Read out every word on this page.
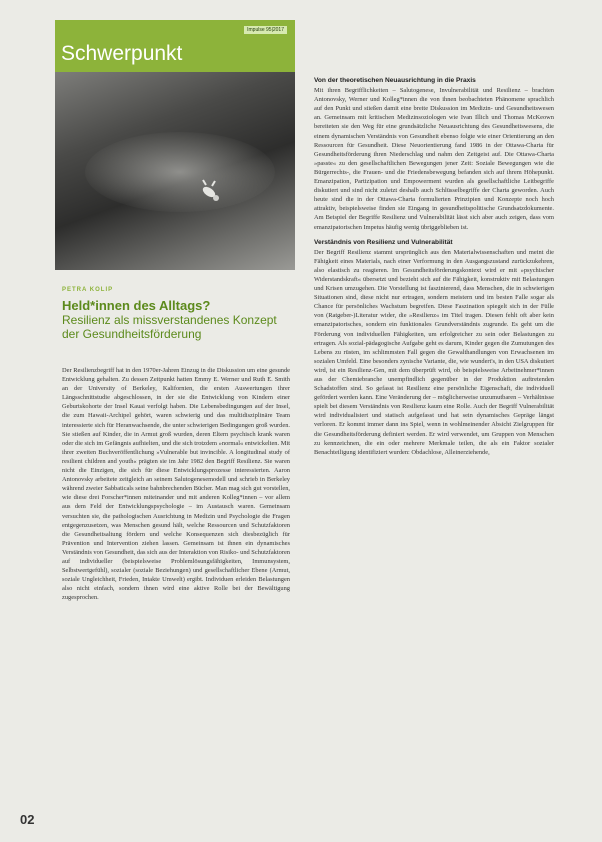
Impulse 95|2017
Schwerpunkt
PETRA KOLIP
Held*innen des Alltags?
Resilienz als missverstandenes Konzept der Gesundheitsförderung

Der Resilienzbegriff hat in den 1970er-Jahren Einzug in die Diskussion um eine gesunde Entwicklung gehalten. Zu dessen Zeitpunkt hatten Emmy E. Werner und Ruth E. Smith an der University of Berkeley, Kalifornien, die ersten Auswertungen ihrer Längsschnittstudie abgeschlossen, in der sie die Entwicklung von Kindern einer Geburtskohorte der Insel Kauai verfolgt haben. Die Lebensbedingungen auf der Insel, die zum Hawaii-Archipel gehört, waren schwierig und das multidisziplinäre Team interessierte sich für Heranwachsende, die unter schwierigen Bedingungen groß wurden. Sie stießen auf Kinder, die in Armut groß wurden, deren Eltern psychisch krank waren oder die sich im Gefängnis aufhielten, und die sich trotzdem »normal« entwickelten. Mit ihrer zweiten Buchveröffentlichung »Vulnerable but invincible. A longitudinal study of resilient children and youth« prägten sie im Jahr 1982 den Begriff Resilienz. Sie waren nicht die Einzigen, die sich für diese Entwicklungsprozesse interessierten. Aaron Antonovsky arbeitete zeitgleich an seinem Salutogenesemodell und schrieb in Berkeley während zweier Sabbaticals seine bahnbrechenden Bücher. Man mag sich gut vorstellen, wie diese drei Forscher*innen miteinander und mit anderen Kolleg*innen – vor allem aus dem Feld der Entwicklungspsychologie – im Austausch waren. Gemeinsam versuchten sie, die pathologischen Ausrichtung in Medizin und Psychologie die Fragen entgegenzusetzen, was Menschen gesund hält, welche Ressourcen und Schutzfaktoren die Gesundheitsaltung fördern und welche Konsequenzen sich diesbezüglich für Prävention und Intervention ziehen lassen. Gemeinsam ist ihnen ein dynamisches Verständnis von Gesundheit, das sich aus der Interaktion von Risiko- und Schutzfaktoren auf individueller (beispielsweise Problemlösungsfähigkeiten, Immunsystem, Selbstwertgefühl), sozialer (soziale Beziehungen) und gesellschaftlicher Ebene (Armut, soziale Ungleichheit, Frieden, Intakte Umwelt) ergibt. Individuen erleiden Belastungen also nicht einfach, sondern ihnen wird eine aktive Rolle bei der Bewältigung zugesprochen.

Von der theoretischen Neuausrichtung in die Praxis

Mit ihren Begrifflichkeiten – Salutogenese, Invulnerabilität und Resilienz – brachten Antonovsky, Werner und Kolleg*innen die von ihnen beobachteten Phänomene sprachlich auf den Punkt und stießen damit eine breite Diskussion im Medizin- und Gesundheitswesen an. Gemeinsam mit kritischen Medizinsoziologen wie Ivan Illich und Thomas McKeown bereiteten sie den Weg für eine grundsätzliche Neuausrichtung des Gesundheitswesens, die einem dynamischen Verständnis von Gesundheit ebenso folgte wie einer Orientierung an den Ressourcen für Gesundheit. Diese Neuorientierung fand 1986 in der Ottawa-Charta für Gesundheitsförderung ihren Niederschlag und nahm den Zeitgeist auf. Die Ottawa-Charta »passte« zu den gesellschaftlichen Bewegungen jener Zeit: Soziale Bewegungen wie die Bürgerrechts-, die Frauen- und die Friedensbewegung befanden sich auf ihrem Höhepunkt. Emanzipation, Partizipation und Empowerment wurden als gesellschaftliche Leitbegriffe diskutiert und sind nicht zuletzt deshalb auch Schlüsselbegriffe der Charta geworden. Auch heute sind die in der Ottawa-Charta formulierten Prinzipien und Konzepte noch hoch attraktiv, beispielsweise finden sie Eingang in gesundheitspolitische Grundsatzdokumente. Am Beispiel der Begriffe Resilienz und Vulnerabilität lässt sich aber auch zeigen, dass vom emanzipatorischen Impetus häufig wenig übriggeblieben ist.

Verständnis von Resilienz und Vulnerabilität

Der Begriff Resilienz stammt ursprünglich aus den Materialwissenschaften und meint die Fähigkeit eines Materials, nach einer Verformung in den Ausgangszustand zurückzukehren, also elastisch zu reagieren. Im Gesundheitsförderungskontext wird er mit »psychischer Widerstandskraft« übersetzt und bezieht sich auf die Fähigkeit, konstruktiv mit Belastungen und Krisen umzugehen. Die Vorstellung ist faszinierend, dass Menschen, die in schwierigen Situationen sind, diese nicht nur ertragen, sondern meistern und im besten Falle sogar als Chance für persönliches Wachstum begreifen. Diese Faszination spiegelt sich in der Fülle von (Ratgeber-)Literatur wider, die »Resilienz« im Titel tragen. Diesen fehlt oft aber kein emanzipatorisches, sondern ein funktionales Grundverständnis zugrunde. Es geht um die Förderung von individuellen Fähigkeiten, um erfolgreicher zu sein oder Belastungen zu ertragen. Als sozial-pädagogische Aufgabe geht es darum, Kinder gegen die Zumutungen des Lebens zu rüsten, im schlimmsten Fall gegen die Gewalthandlungen von Erwachsenen im sozialen Umfeld. Eine besonders zynische Variante, die, wie wundert's, in den USA diskutiert wird, ist ein Resilienz-Gen, mit dem überprüft wird, ob beispielsweise Arbeitnehmer*innen aus der Chemiebranche unempfindlich gegenüber in der Produktion auftretenden Schadstoffen sind. So gefasst ist Resilienz eine persönliche Eigenschaft, die individuell gefördert werden kann. Eine Veränderung der – möglicherweise unzumutbaren – Verhältnisse spielt bei diesem Verständnis von Resilienz kaum eine Rolle. Auch der Begriff Vulnerabilität wird individualisiert und statisch aufgefasst und hat sein dynamisches Gepräge längst verloren. Er kommt immer dann ins Spiel, wenn in wohlmeinender Absicht Zielgruppen für die Gesundheitsförderung definiert werden. Er wird verwendet, um Gruppen von Menschen zu kennzeichnen, die ein oder mehrere Merkmale teilen, die als ein Faktor sozialer Benachteiligung identifiziert wurden: Obdachlose, Alleinerziehende,

02
